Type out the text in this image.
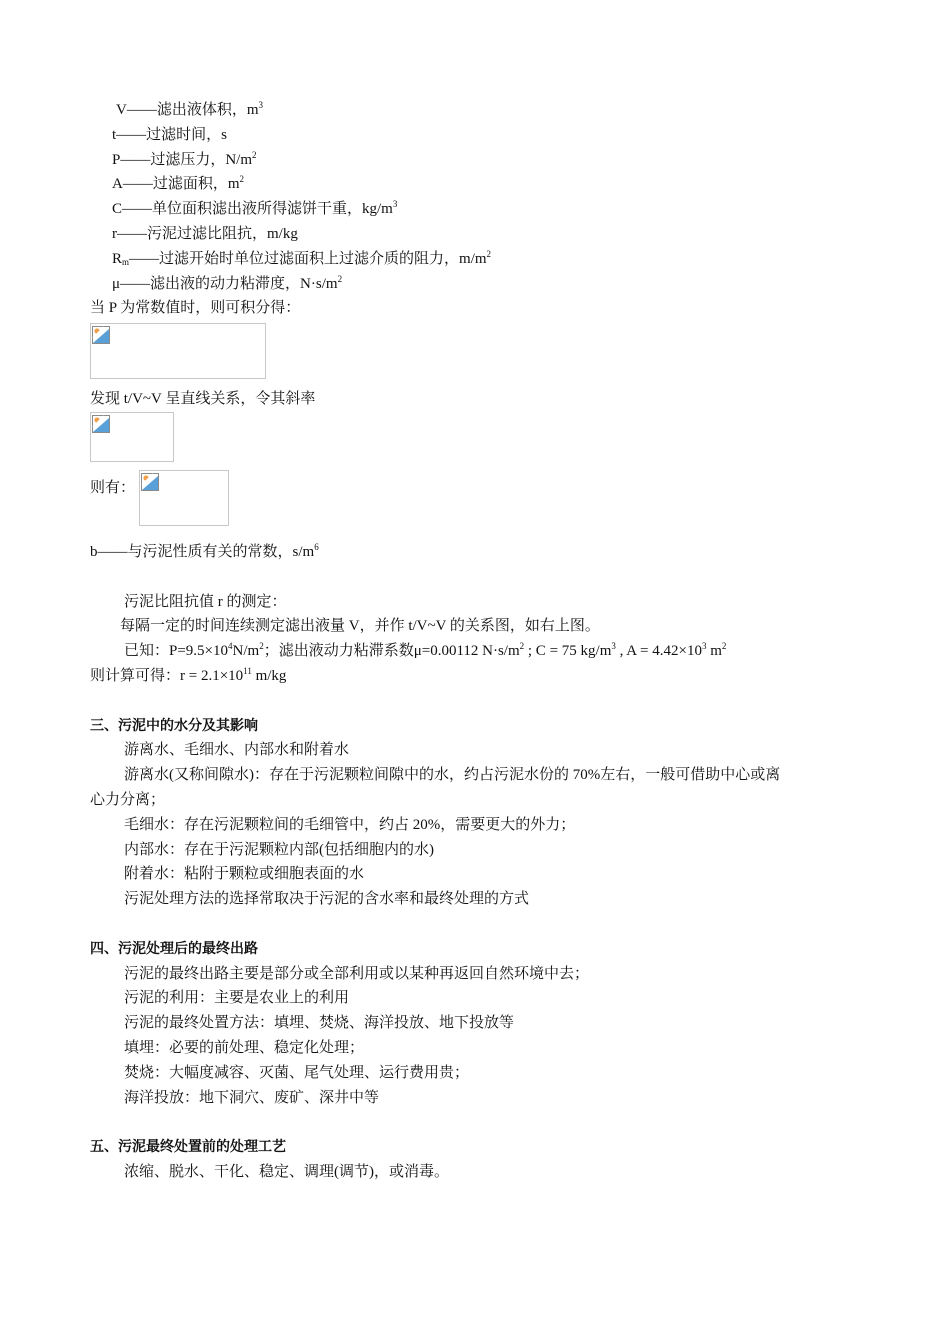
V——滤出液体积，$m^3$
t——过滤时间，s
P——过滤压力，$N/m^2$
A——过滤面积，$m^2$
C——单位面积滤出液所得滤饼干重，$kg/m^3$
r——污泥过滤比阻抗，m/kg
$R_m——$过滤开始时单位过滤面积上过滤介质的阻力，$m/m^2$
μ——滤出液的动力粘滞度，$N\cdot s/m^2$
当 P 为常数值时，则可积分得：
发现 t/V~V 呈直线关系，令其斜率
则有：
b——与污泥性质有关的常数，$s/m^6$
污泥比阻抗值 r 的测定：
每隔一定的时间连续测定滤出液量 V，并作 t/V~V 的关系图，如右上图。
已知：$P=9.5\times 10^4N/m^2$；滤出液动力粘滞系数μ=0.00112 $N\cdot s/m^2$ ; C = 75 $kg/m^3$ , $A = 4.42\times 10^3$ $m^2$
则计算可得：$r = 2.1\times 10^{11}$ m/kg
三、污泥中的水分及其影响
游离水、毛细水、内部水和附着水
游离水(又称间隙水)：存在于污泥颗粒间隙中的水，约占污泥水份的 70%左右，一般可借助中心或离
心力分离；
毛细水：存在污泥颗粒间的毛细管中，约占 20%，需要更大的外力；
内部水：存在于污泥颗粒内部(包括细胞内的水)
附着水：粘附于颗粒或细胞表面的水
污泥处理方法的选择常取决于污泥的含水率和最终处理的方式
四、污泥处理后的最终出路
污泥的最终出路主要是部分或全部利用或以某种再返回自然环境中去；
污泥的利用：主要是农业上的利用
污泥的最终处置方法：填埋、焚烧、海洋投放、地下投放等
填埋：必要的前处理、稳定化处理；
焚烧：大幅度减容、灭菌、尾气处理、运行费用贵；
海洋投放：地下洞穴、废矿、深井中等
五、污泥最终处置前的处理工艺
浓缩、脱水、干化、稳定、调理(调节)，或消毒。
